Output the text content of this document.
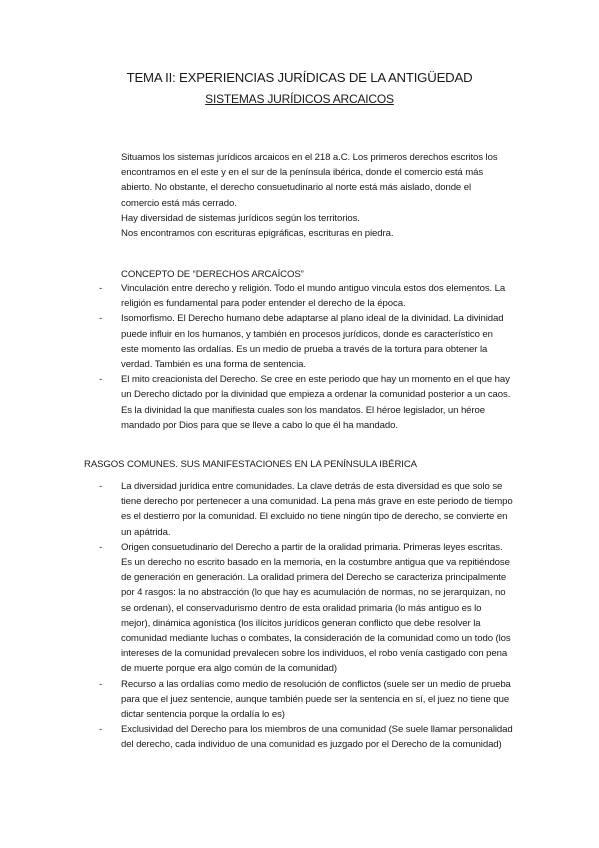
TEMA II: EXPERIENCIAS JURÍDICAS DE LA ANTIGÜEDAD
SISTEMAS JURÍDICOS ARCAICOS
Situamos los sistemas jurídicos arcaicos en el 218 a.C. Los primeros derechos escritos los encontramos en el este y en el sur de la península ibérica, donde el comercio está más abierto. No obstante, el derecho consuetudinario al norte está más aislado, donde el comercio está más cerrado.
Hay diversidad de sistemas jurídicos según los territorios.
Nos encontramos con escrituras epigráficas, escrituras en piedra.
CONCEPTO DE “DERECHOS ARCAÍCOS”
- Vinculación entre derecho y religión. Todo el mundo antiguo vincula estos dos elementos. La religión es fundamental para poder entender el derecho de la época.
- Isomorfismo. El Derecho humano debe adaptarse al plano ideal de la divinidad. La divinidad puede influir en los humanos, y también en procesos jurídicos, donde es característico en este momento las ordalías. Es un medio de prueba a través de la tortura para obtener la verdad. También es una forma de sentencia.
- El mito creacionista del Derecho. Se cree en este periodo que hay un momento en el que hay un Derecho dictado por la divinidad que empieza a ordenar la comunidad posterior a un caos. Es la divinidad la que manifiesta cuales son los mandatos. El héroe legislador, un héroe mandado por Dios para que se lleve a cabo lo que él ha mandado.
RASGOS COMUNES. SUS MANIFESTACIONES EN LA PENÍNSULA IBÉRICA
- La diversidad jurídica entre comunidades. La clave detrás de esta diversidad es que solo se tiene derecho por pertenecer a una comunidad. La pena más grave en este periodo de tiempo es el destierro por la comunidad. El excluido no tiene ningún tipo de derecho, se convierte en un apátrida.
- Origen consuetudinario del Derecho a partir de la oralidad primaria. Primeras leyes escritas. Es un derecho no escrito basado en la memoria, en la costumbre antigua que va repitiéndose de generación en generación. La oralidad primera del Derecho se caracteriza principalmente por 4 rasgos: la no abstracción (lo que hay es acumulación de normas, no se jerarquizan, no se ordenan), el conservadurismo dentro de esta oralidad primaria (lo más antiguo es lo mejor), dinámica agonística (los ilícitos jurídicos generan conflicto que debe resolver la comunidad mediante luchas o combates, la consideración de la comunidad como un todo (los intereses de la comunidad prevalecen sobre los individuos, el robo venía castigado con pena de muerte porque era algo común de la comunidad)
- Recurso a las ordalías como medio de resolución de conflictos (suele ser un medio de prueba para que el juez sentencie, aunque también puede ser la sentencia en sí, el juez no tiene que dictar sentencia porque la ordalía lo es)
- Exclusividad del Derecho para los miembros de una comunidad (Se suele llamar personalidad del derecho, cada individuo de una comunidad es juzgado por el Derecho de la comunidad)
